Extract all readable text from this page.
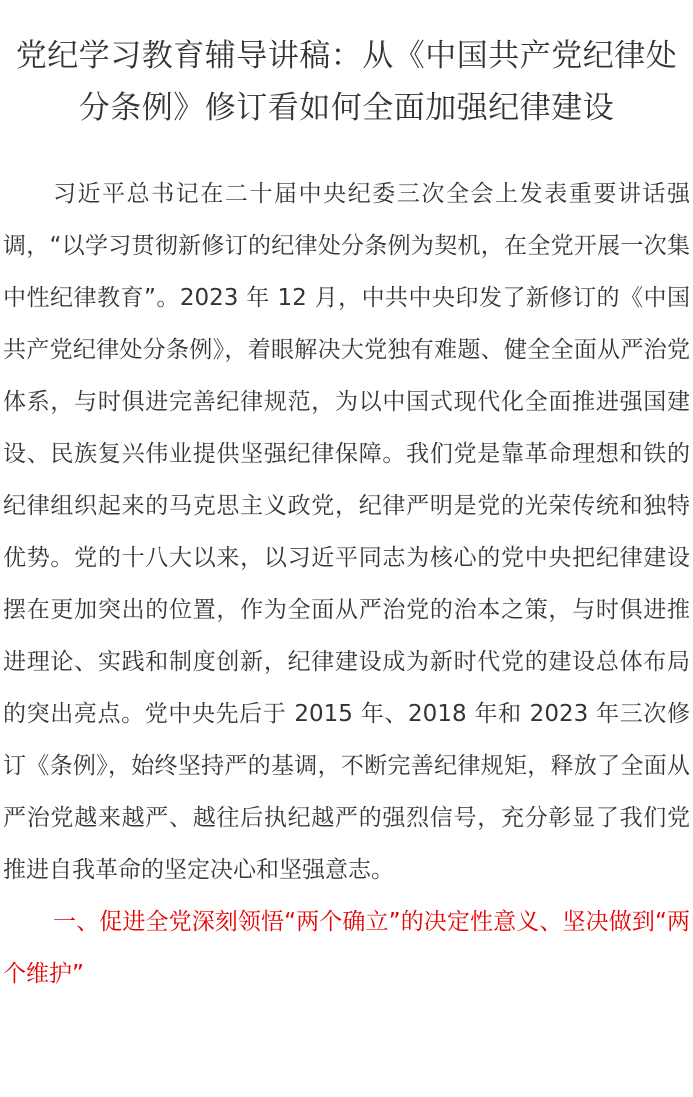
党纪学习教育辅导讲稿：从《中国共产党纪律处分条例》修订看如何全面加强纪律建设

习近平总书记在二十届中央纪委三次全会上发表重要讲话强调，“以学习贯彻新修订的纪律处分条例为契机，在全党开展一次集中性纪律教育”。2023 年 12 月，中共中央印发了新修订的《中国共产党纪律处分条例》，着眼解决大党独有难题、健全全面从严治党体系，与时俱进完善纪律规范，为以中国式现代化全面推进强国建设、民族复兴伟业提供坚强纪律保障。我们党是靠革命理想和铁的纪律组织起来的马克思主义政党，纪律严明是党的光荣传统和独特优势。党的十八大以来，以习近平同志为核心的党中央把纪律建设摆在更加突出的位置，作为全面从严治党的治本之策，与时俱进推进理论、实践和制度创新，纪律建设成为新时代党的建设总体布局的突出亮点。党中央先后于 2015 年、2018 年和 2023 年三次修订《条例》，始终坚持严的基调，不断完善纪律规矩，释放了全面从严治党越来越严、越往后执纪越严的强烈信号，充分彰显了我们党推进自我革命的坚定决心和坚强意志。

一、促进全党深刻领悟“两个确立”的决定性意义、坚决做到“两个维护”
